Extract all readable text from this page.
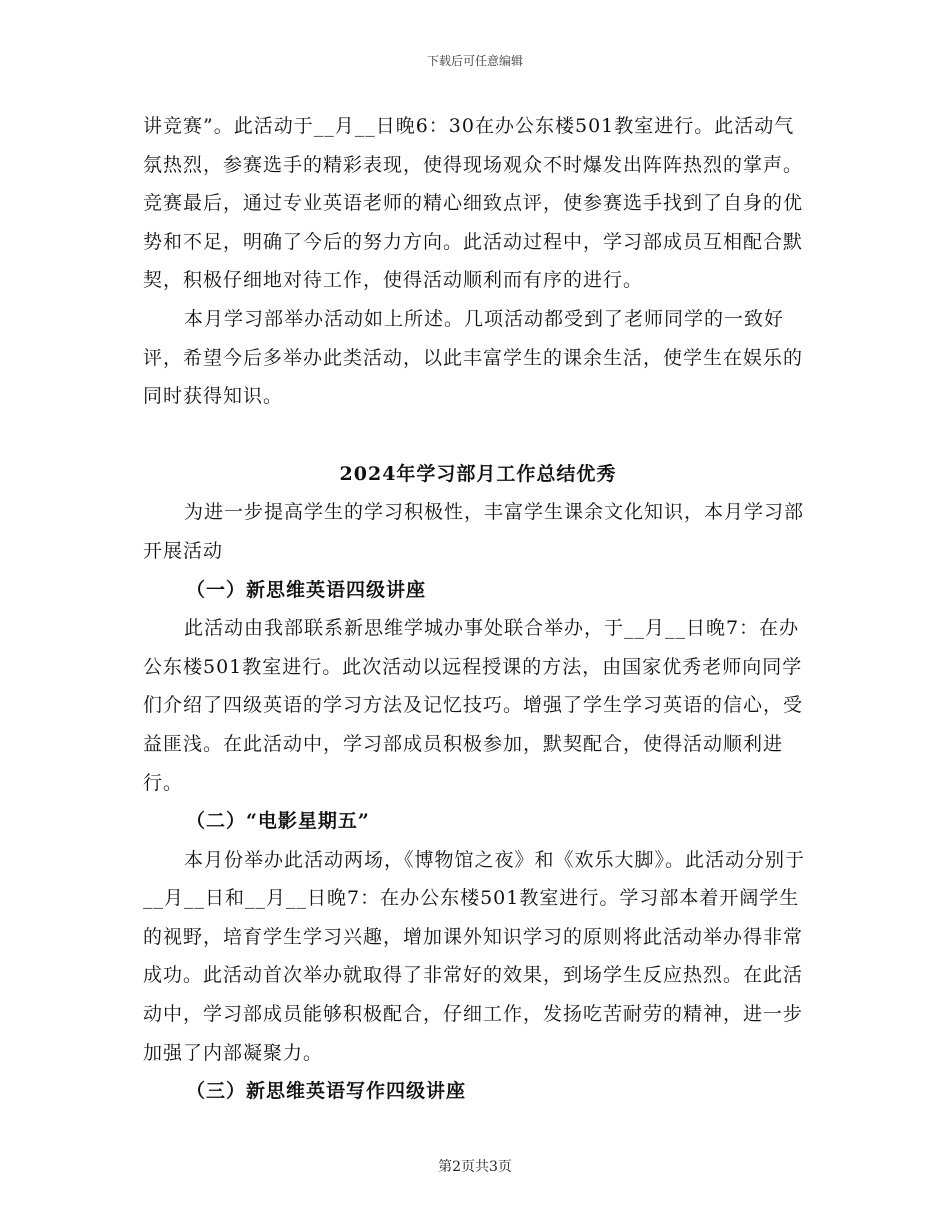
下载后可任意编辑

讲竞赛”。此活动于__月__日晚6：30在办公东楼501教室进行。此活动气氛热烈，参赛选手的精彩表现，使得现场观众不时爆发出阵阵热烈的掌声。竞赛最后，通过专业英语老师的精心细致点评，使参赛选手找到了自身的优势和不足，明确了今后的努力方向。此活动过程中，学习部成员互相配合默契，积极仔细地对待工作，使得活动顺利而有序的进行。

本月学习部举办活动如上所述。几项活动都受到了老师同学的一致好评，希望今后多举办此类活动，以此丰富学生的课余生活，使学生在娱乐的同时获得知识。

2024年学习部月工作总结优秀

为进一步提高学生的学习积极性，丰富学生课余文化知识，本月学习部开展活动

（一）新思维英语四级讲座

此活动由我部联系新思维学城办事处联合举办，于__月__日晚7：在办公东楼501教室进行。此次活动以远程授课的方法，由国家优秀老师向同学们介绍了四级英语的学习方法及记忆技巧。增强了学生学习英语的信心，受益匪浅。在此活动中，学习部成员积极参加，默契配合，使得活动顺利进行。

（二）“电影星期五”

本月份举办此活动两场，《博物馆之夜》和《欢乐大脚》。此活动分别于__月__日和__月__日晚7：在办公东楼501教室进行。学习部本着开阔学生的视野，培育学生学习兴趣，增加课外知识学习的原则将此活动举办得非常成功。此活动首次举办就取得了非常好的效果，到场学生反应热烈。在此活动中，学习部成员能够积极配合，仔细工作，发扬吃苦耐劳的精神，进一步加强了内部凝聚力。

（三）新思维英语写作四级讲座

第2页共3页
